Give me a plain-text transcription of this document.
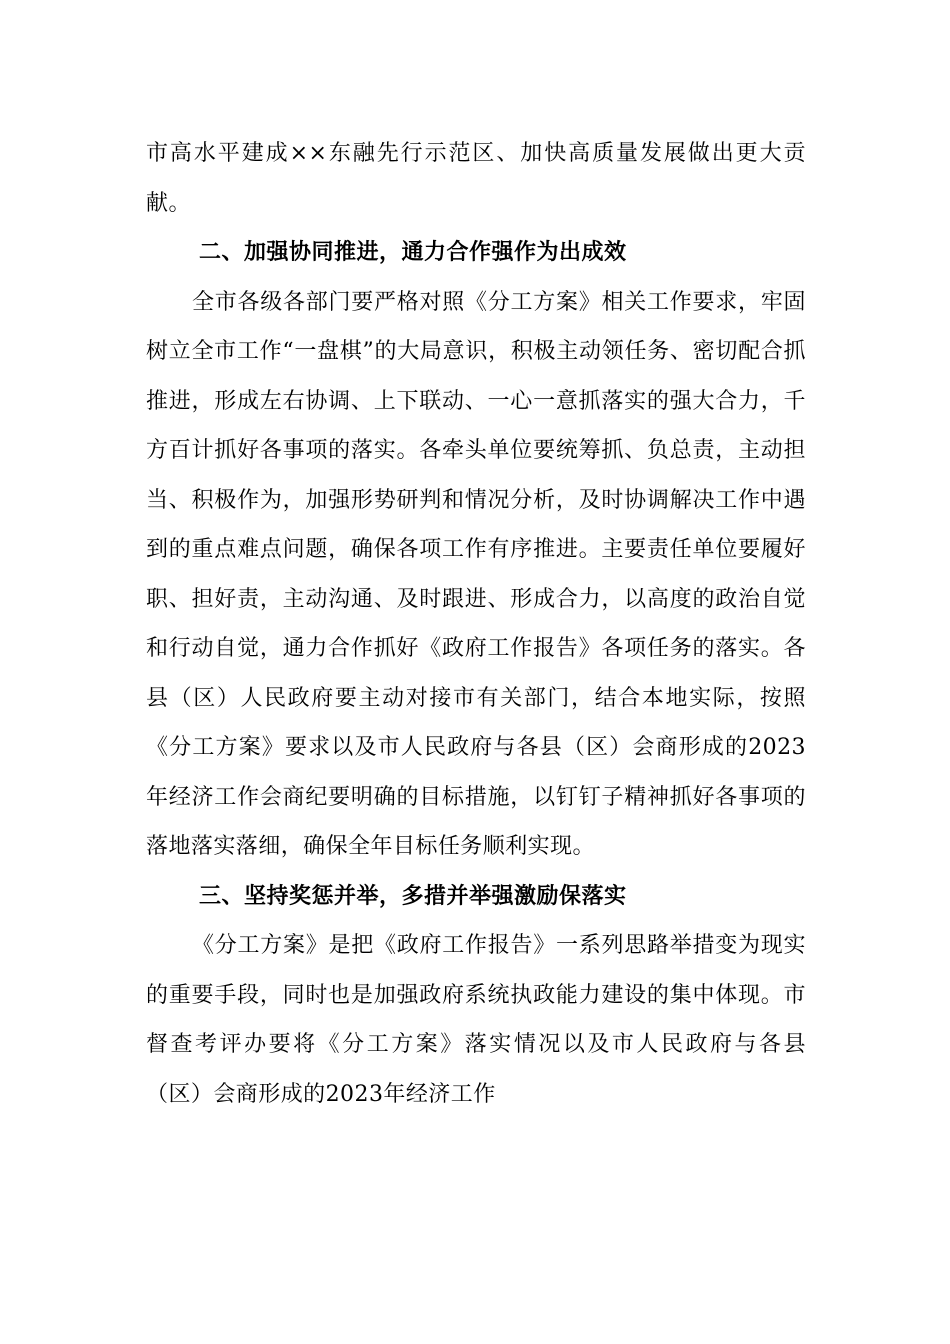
市高水平建成××东融先行示范区、加快高质量发展做出更大贡献。

二、加强协同推进，通力合作强作为出成效

全市各级各部门要严格对照《分工方案》相关工作要求，牢固树立全市工作“一盘棋”的大局意识，积极主动领任务、密切配合抓推进，形成左右协调、上下联动、一心一意抓落实的强大合力，千方百计抓好各事项的落实。各牵头单位要统筹抓、负总责，主动担当、积极作为，加强形势研判和情况分析，及时协调解决工作中遇到的重点难点问题，确保各项工作有序推进。主要责任单位要履好职、担好责，主动沟通、及时跟进、形成合力，以高度的政治自觉和行动自觉，通力合作抓好《政府工作报告》各项任务的落实。各县（区）人民政府要主动对接市有关部门，结合本地实际，按照《分工方案》要求以及市人民政府与各县（区）会商形成的2023年经济工作会商纪要明确的目标措施，以钉钉子精神抓好各事项的落地落实落细，确保全年目标任务顺利实现。

三、坚持奖惩并举，多措并举强激励保落实

《分工方案》是把《政府工作报告》一系列思路举措变为现实的重要手段，同时也是加强政府系统执政能力建设的集中体现。市督查考评办要将《分工方案》落实情况以及市人民政府与各县（区）会商形成的2023年经济工作
